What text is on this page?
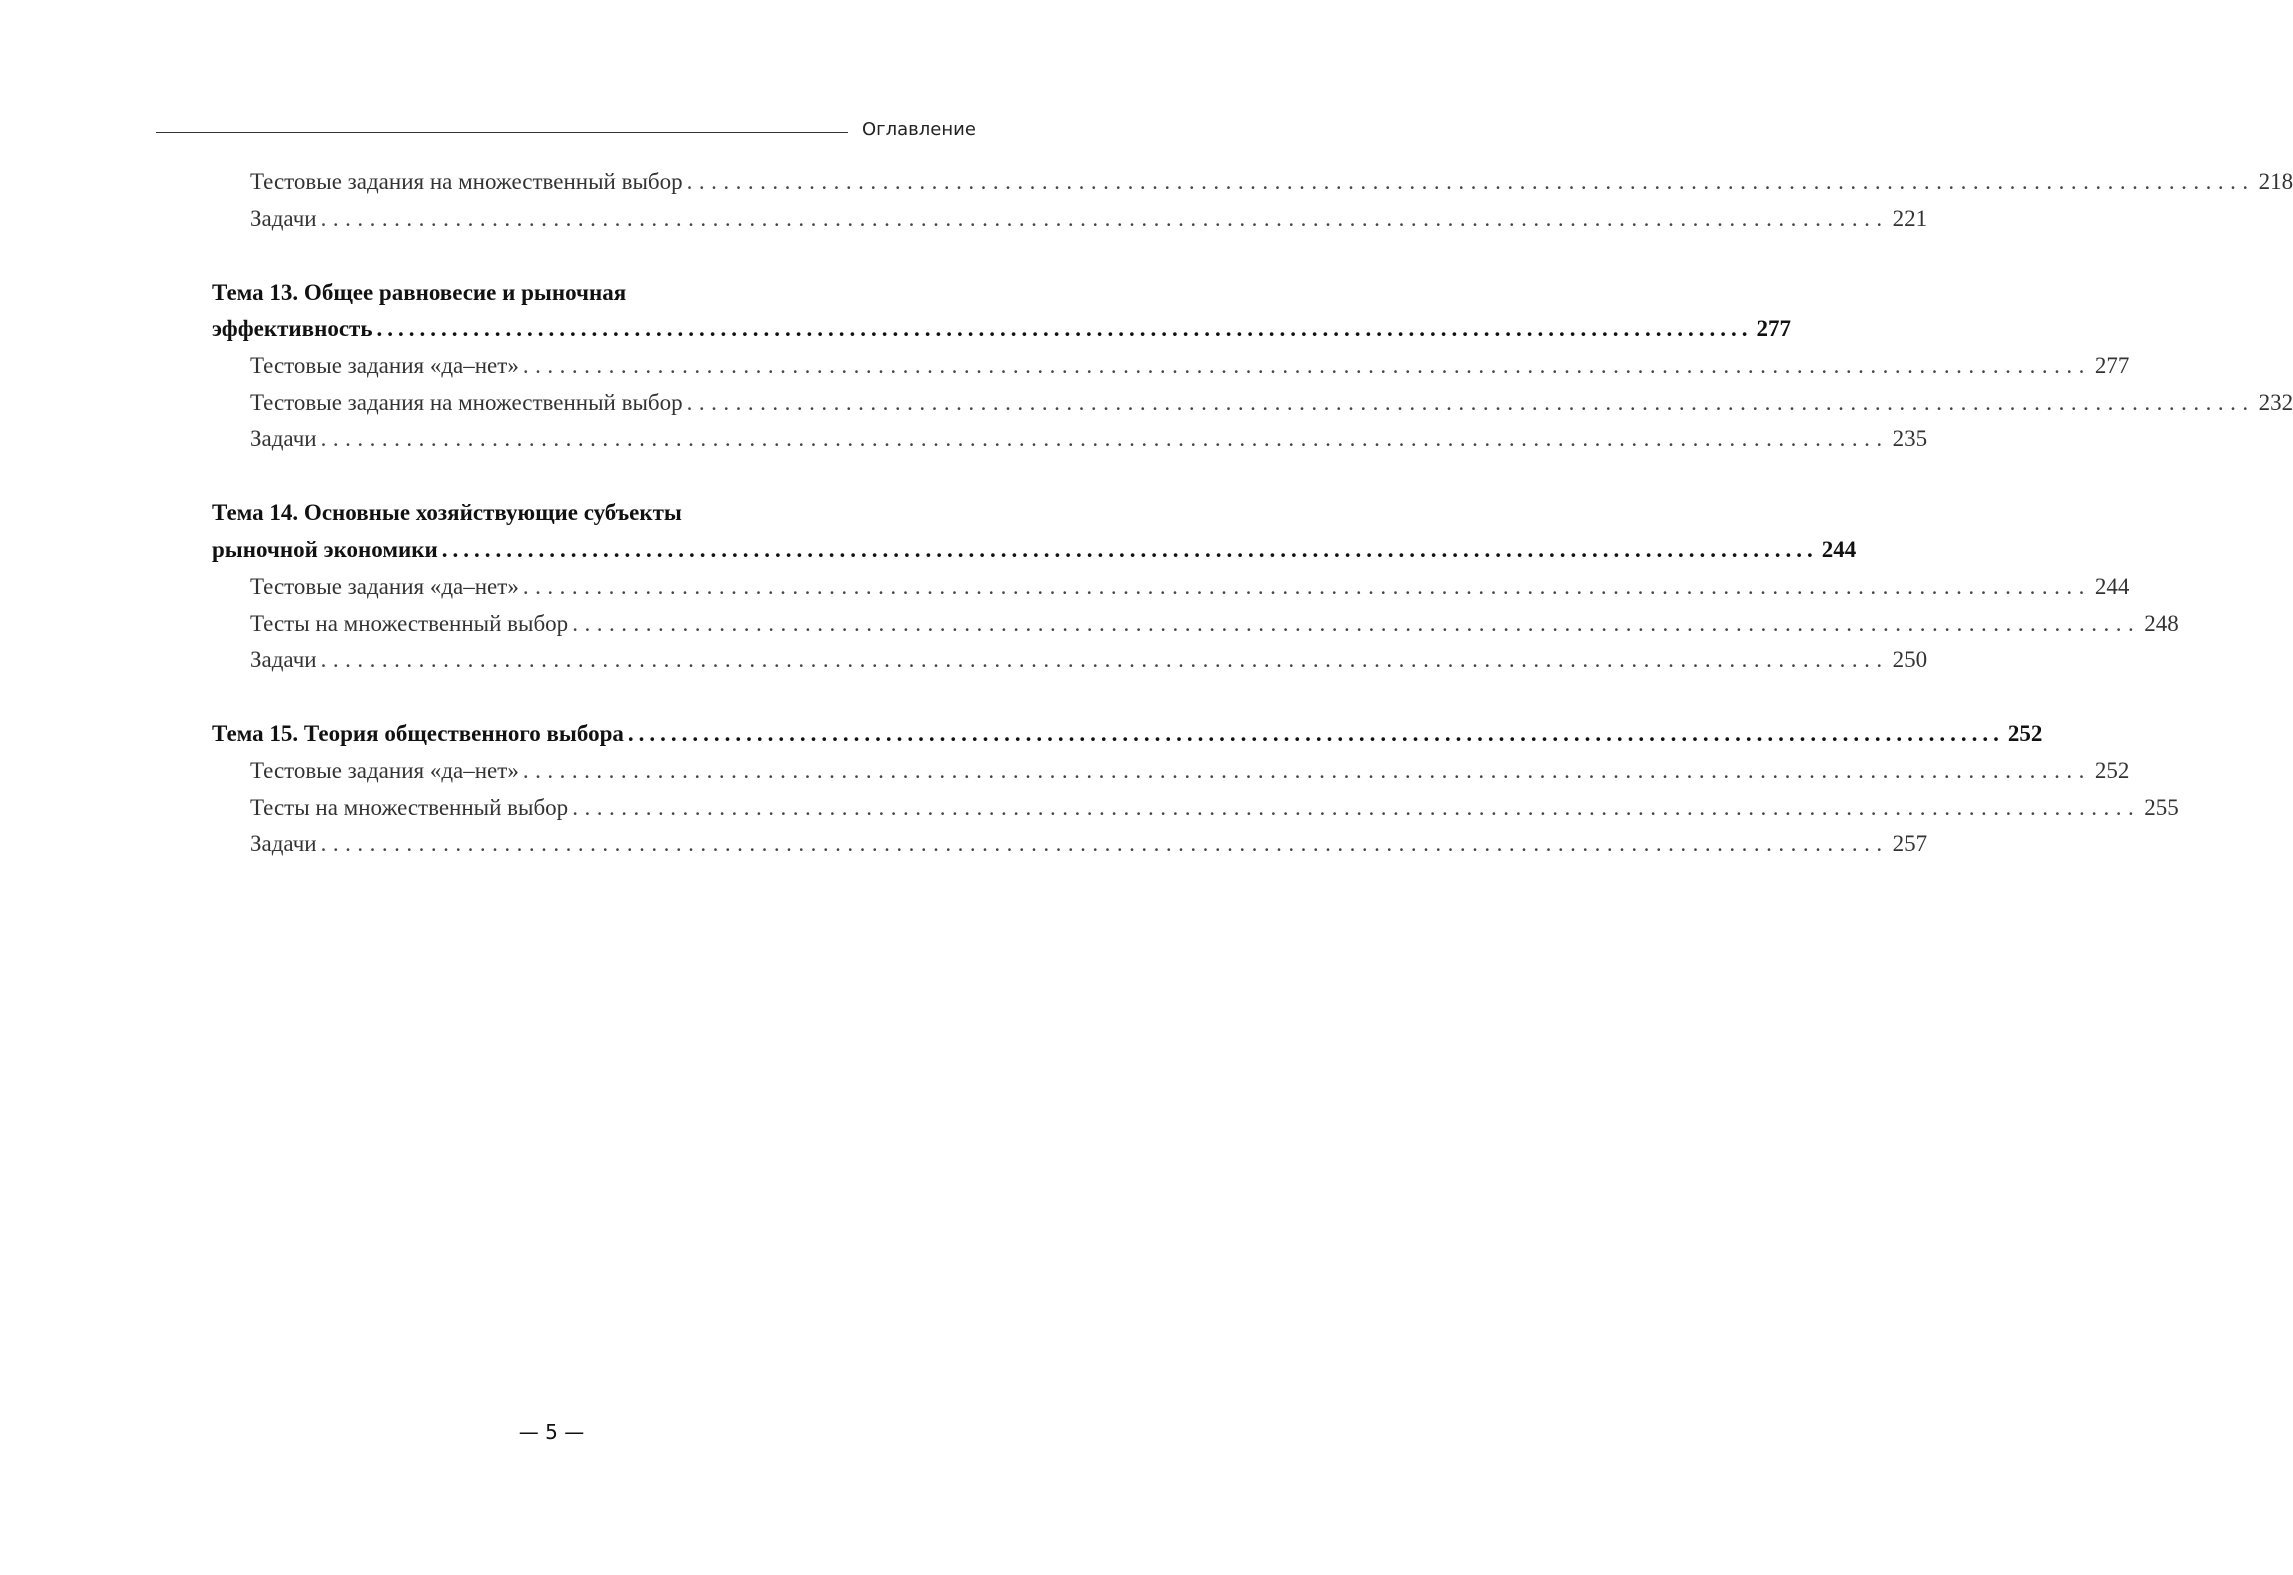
Оглавление
Тестовые задания на множественный выбор ................................................................................................................................ 218
Задачи ................................................................................................................................ 221
Тема 13. Общее равновесие и рыночная
эффективность ................................................................................................................................ 277
Тестовые задания «да–нет» ................................................................................................................................ 277
Тестовые задания на множественный выбор ................................................................................................................................ 232
Задачи ................................................................................................................................ 235
Тема 14. Основные хозяйствующие субъекты
рыночной экономики ................................................................................................................................ 244
Тестовые задания «да–нет» ................................................................................................................................ 244
Тесты на множественный выбор ................................................................................................................................ 248
Задачи ................................................................................................................................ 250
Тема 15. Теория общественного выбора ................................................................................................................................ 252
Тестовые задания «да–нет» ................................................................................................................................ 252
Тесты на множественный выбор ................................................................................................................................ 255
Задачи ................................................................................................................................ 257
— 5 —
